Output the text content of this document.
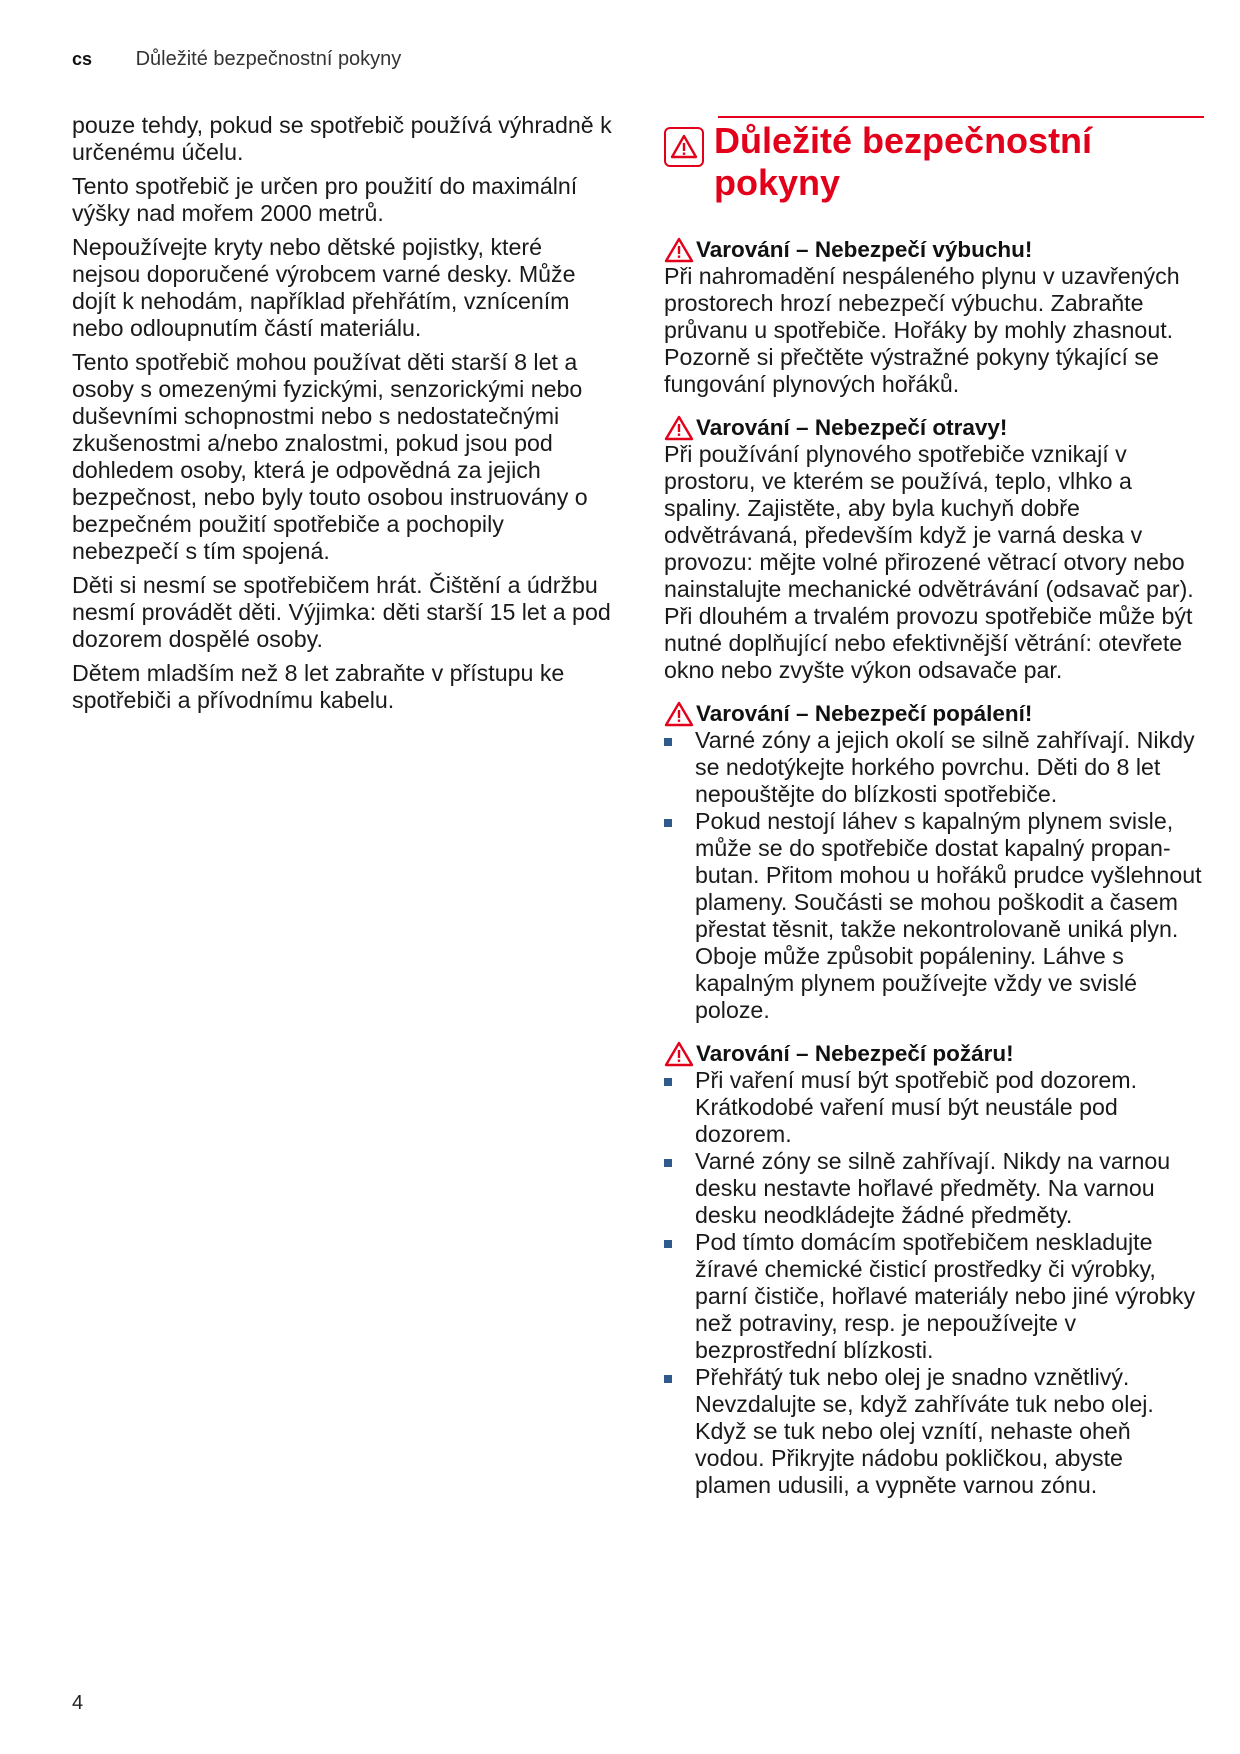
cs Důležité bezpečnostní pokyny

pouze tehdy, pokud se spotřebič používá výhradně k určenému účelu.

Tento spotřebič je určen pro použití do maximální výšky nad mořem 2000 metrů.

Nepoužívejte kryty nebo dětské pojistky, které nejsou doporučené výrobcem varné desky. Může dojít k nehodám, například přehřátím, vznícením nebo odloupnutím částí materiálu.

Tento spotřebič mohou používat děti starší 8 let a osoby s omezenými fyzickými, senzorickými nebo duševními schopnostmi nebo s nedostatečnými zkušenostmi a/nebo znalostmi, pokud jsou pod dohledem osoby, která je odpovědná za jejich bezpečnost, nebo byly touto osobou instruovány o bezpečném použití spotřebiče a pochopily nebezpečí s tím spojená.

Děti si nesmí se spotřebičem hrát. Čištění a údržbu nesmí provádět děti. Výjimka: děti starší 15 let a pod dozorem dospělé osoby.

Dětem mladším než 8 let zabraňte v přístupu ke spotřebiči a přívodnímu kabelu.

Důležité bezpečnostní pokyny
Varování – Nebezpečí výbuchu!

Při nahromadění nespáleného plynu v uzavřených prostorech hrozí nebezpečí výbuchu. Zabraňte průvanu u spotřebiče. Hořáky by mohly zhasnout. Pozorně si přečtěte výstražné pokyny týkající se fungování plynových hořáků.

Varování – Nebezpečí otravy!

Při používání plynového spotřebiče vznikají v prostoru, ve kterém se používá, teplo, vlhko a spaliny. Zajistěte, aby byla kuchyň dobře odvětrávaná, především když je varná deska v provozu: mějte volné přirozené větrací otvory nebo nainstalujte mechanické odvětrávání (odsavač par). Při dlouhém a trvalém provozu spotřebiče může být nutné doplňující nebo efektivnější větrání: otevřete okno nebo zvyšte výkon odsavače par.

Varování – Nebezpečí popálení!
Varné zóny a jejich okolí se silně zahřívají. Nikdy se nedotýkejte horkého povrchu. Děti do 8 let nepouštějte do blízkosti spotřebiče.
Pokud nestojí láhev s kapalným plynem svisle, může se do spotřebiče dostat kapalný propan-butan. Přitom mohou u hořáků prudce vyšlehnout plameny. Součásti se mohou poškodit a časem přestat těsnit, takže nekontrolovaně uniká plyn. Oboje může způsobit popáleniny. Láhve s kapalným plynem používejte vždy ve svislé poloze.
Varování – Nebezpečí požáru!
Při vaření musí být spotřebič pod dozorem. Krátkodobé vaření musí být neustále pod dozorem.
Varné zóny se silně zahřívají. Nikdy na varnou desku nestavte hořlavé předměty. Na varnou desku neodkládejte žádné předměty.
Pod tímto domácím spotřebičem neskladujte žíravé chemické čisticí prostředky či výrobky, parní čističe, hořlavé materiály nebo jiné výrobky než potraviny, resp. je nepoužívejte v bezprostřední blízkosti.
Přehřátý tuk nebo olej je snadno vznětlivý. Nevzdalujte se, když zahříváte tuk nebo olej. Když se tuk nebo olej vznítí, nehaste oheň vodou. Přikryjte nádobu pokličkou, abyste plamen udusili, a vypněte varnou zónu.
4
